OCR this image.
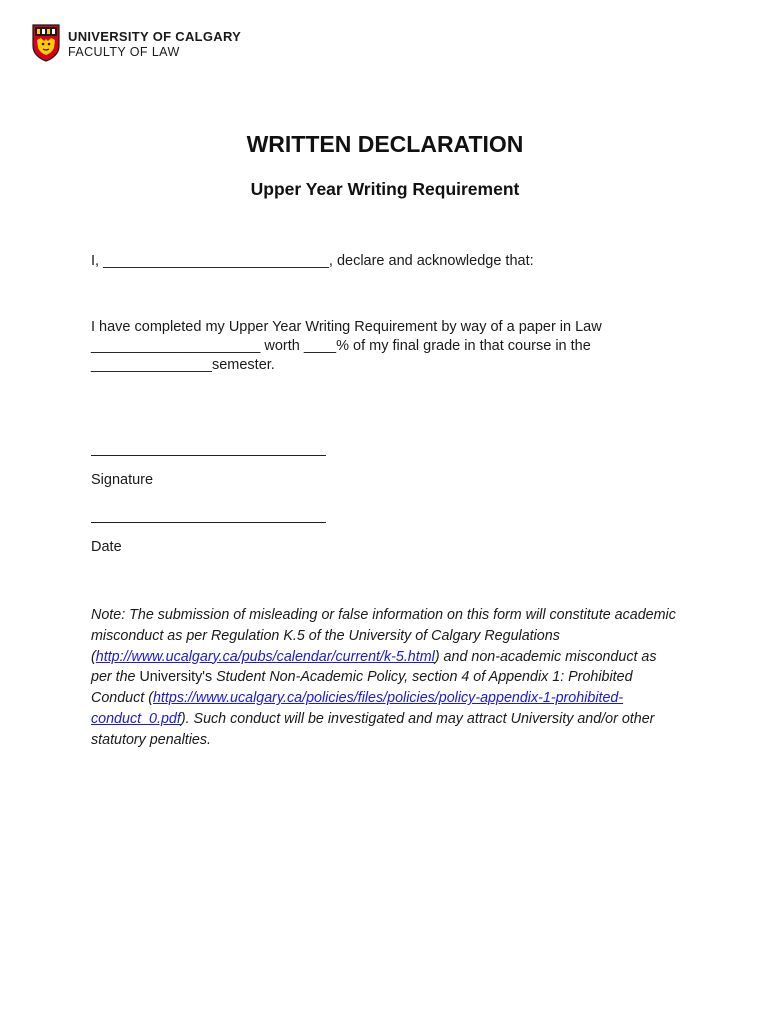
UNIVERSITY OF CALGARY
FACULTY OF LAW
WRITTEN DECLARATION
Upper Year Writing Requirement

I, ____________________________, declare and acknowledge that:

I have completed my Upper Year Writing Requirement by way of a paper in Law
_____________________ worth ____% of my final grade in that course in the
_______________semester.
Signature
Date

Note: The submission of misleading or false information on this form will constitute academic misconduct as per Regulation K.5 of the University of Calgary Regulations (http://www.ucalgary.ca/pubs/calendar/current/k-5.html) and non-academic misconduct as per the University's Student Non-Academic Policy, section 4 of Appendix 1: Prohibited Conduct (https://www.ucalgary.ca/policies/files/policies/policy-appendix-1-prohibited-conduct_0.pdf). Such conduct will be investigated and may attract University and/or other statutory penalties.
